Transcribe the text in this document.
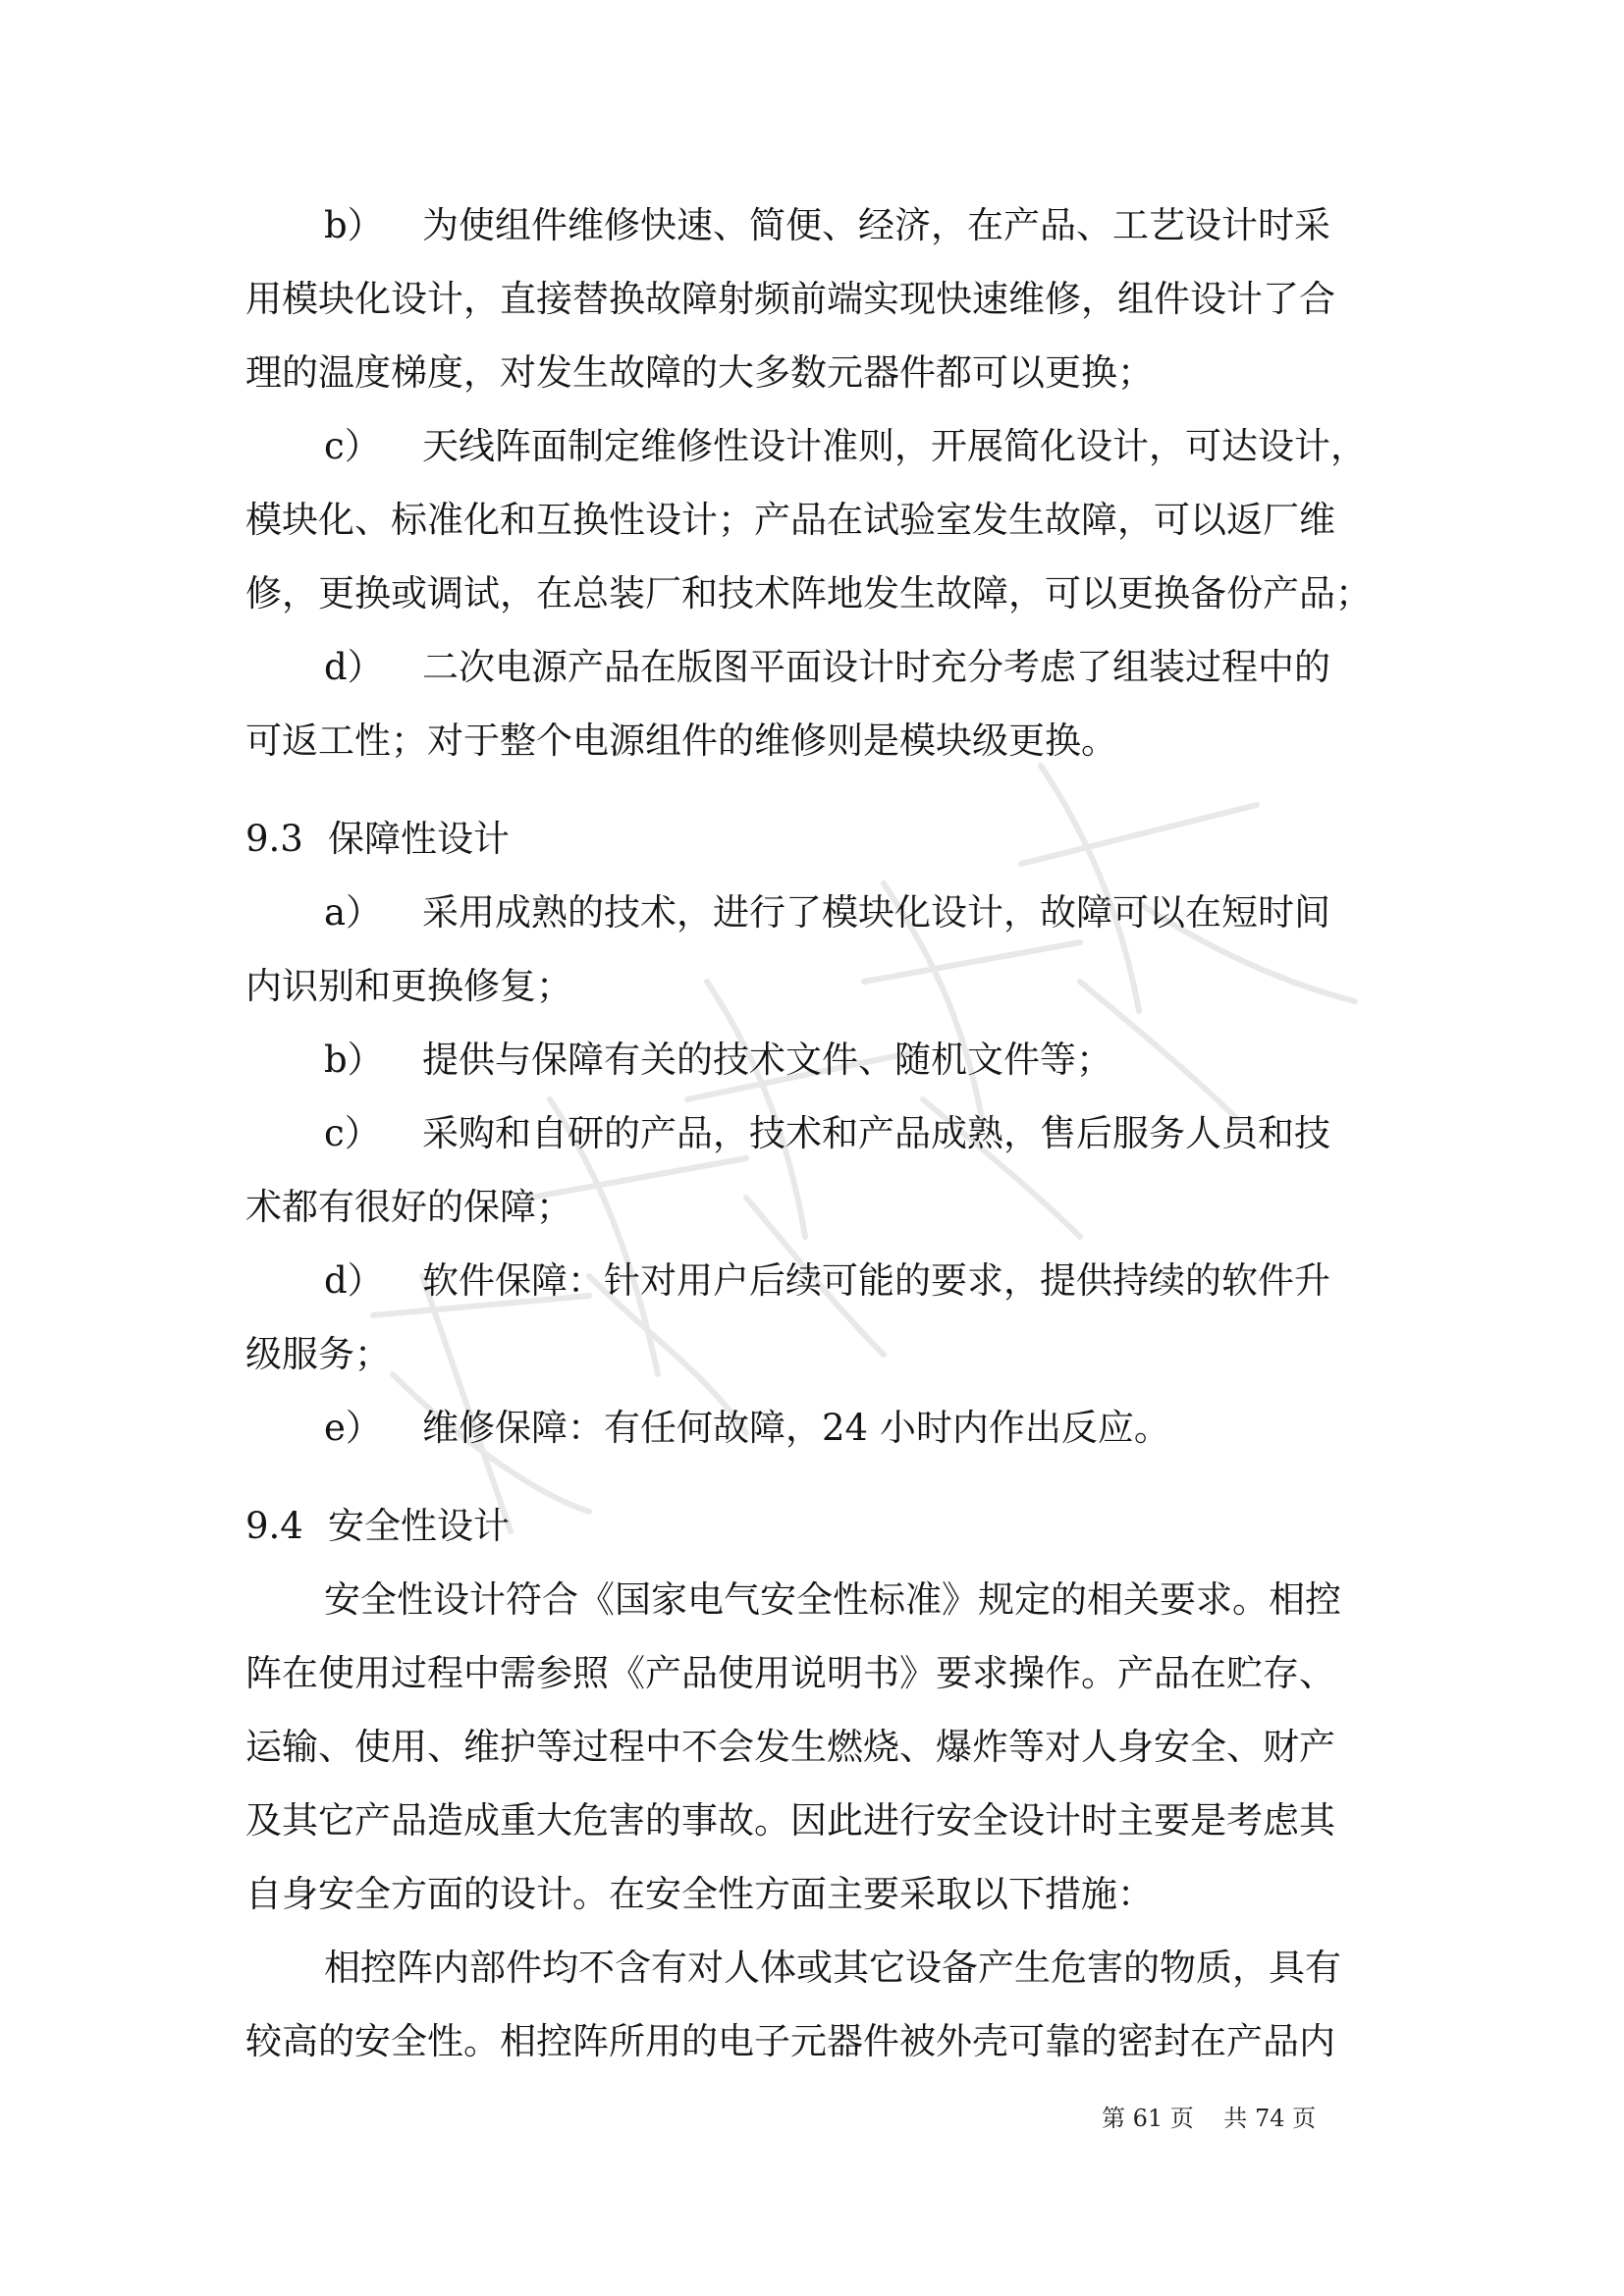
b）	为使组件维修快速、简便、经济，在产品、工艺设计时采
用模块化设计，直接替换故障射频前端实现快速维修，组件设计了合
理的温度梯度，对发生故障的大多数元器件都可以更换；
c） 天线阵面制定维修性设计准则，开展简化设计，可达设计，
模块化、标准化和互换性设计；产品在试验室发生故障，可以返厂维
修，更换或调试，在总装厂和技术阵地发生故障，可以更换备份产品；
d） 二次电源产品在版图平面设计时充分考虑了组装过程中的
可返工性；对于整个电源组件的维修则是模块级更换。
9.3 保障性设计
a） 采用成熟的技术，进行了模块化设计，故障可以在短时间
内识别和更换修复；
b） 提供与保障有关的技术文件、随机文件等；
c） 采购和自研的产品，技术和产品成熟，售后服务人员和技
术都有很好的保障；
d） 软件保障：针对用户后续可能的要求，提供持续的软件升
级服务；
e） 维修保障：有任何故障，24 小时内作出反应。
9.4 安全性设计
安全性设计符合《国家电气安全性标准》规定的相关要求。相控
阵在使用过程中需参照《产品使用说明书》要求操作。产品在贮存、
运输、使用、维护等过程中不会发生燃烧、爆炸等对人身安全、财产
及其它产品造成重大危害的事故。因此进行安全设计时主要是考虑其
自身安全方面的设计。在安全性方面主要采取以下措施：
相控阵内部件均不含有对人体或其它设备产生危害的物质，具有
较高的安全性。相控阵所用的电子元器件被外壳可靠的密封在产品内
第 61 页    共 74 页
